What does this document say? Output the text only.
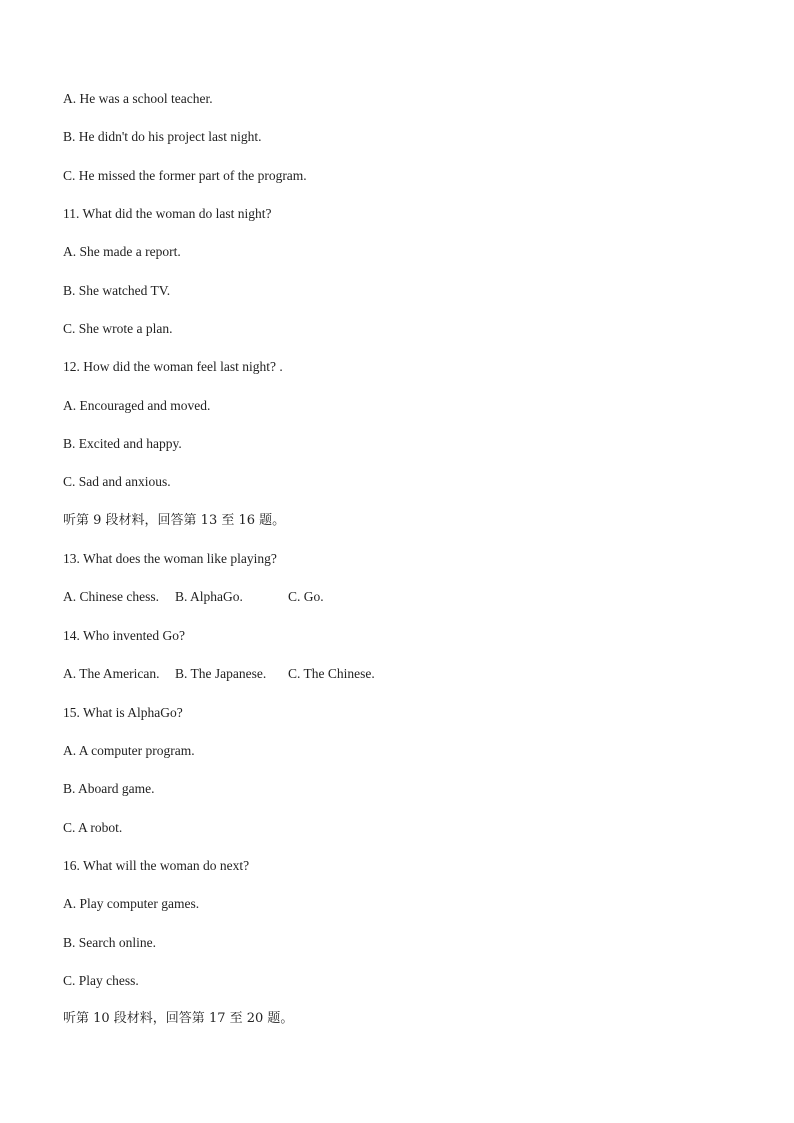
A. He was a school teacher.
B. He didn't do his project last night.
C. He missed the former part of the program.
11. What did the woman do last night?
A. She made a report.
B. She watched TV.
C. She wrote a plan.
12. How did the woman feel last night? .
A. Encouraged and moved.
B. Excited and happy.
C. Sad and anxious.
听第 9 段材料，回答第 13 至 16 题。
13. What does the woman like playing?
A. Chinese chess. B. AlphaGo.	C. Go.
14. Who invented Go?
A. The American. B. The Japanese. C. The Chinese.
15. What is AlphaGo?
A. A computer program.
B. Aboard game.
C. A robot.
16. What will the woman do next?
A. Play computer games.
B. Search online.
C. Play chess.
听第 10 段材料，回答第 17 至 20 题。
